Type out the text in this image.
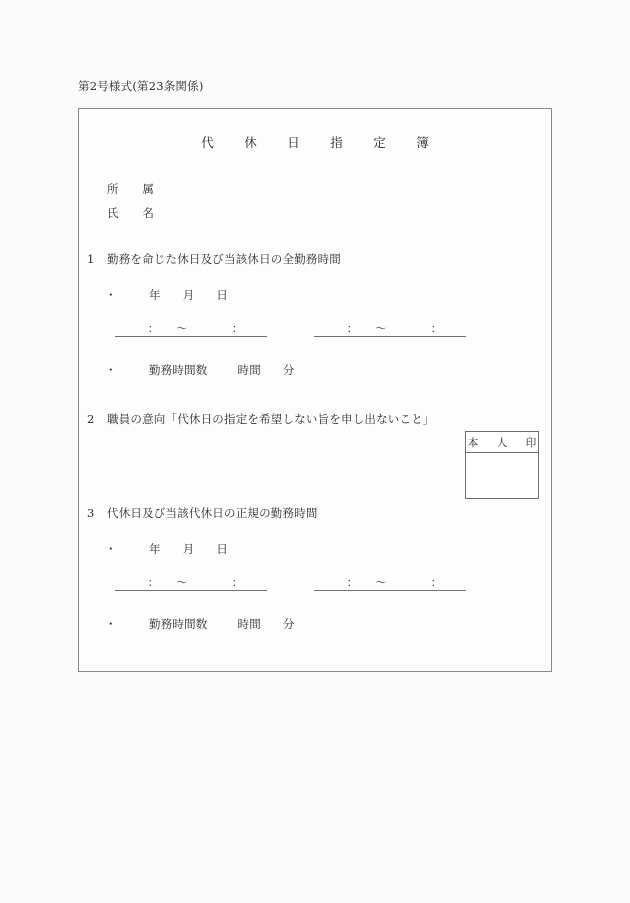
第2号様式(第23条関係)
代　休　日　指　定　簿
所 属
氏 名
1 勤務を命じた休日及び当該休日の全勤務時間
・	年 月 日
： 〜	：	： 〜	：
・	勤務時間数	時間 分
2 職員の意向「代休日の指定を希望しない旨を申し出ないこと」
本　人　印
3 代休日及び当該代休日の正規の勤務時間
・	年 月 日
： 〜	：	： 〜	：
・	勤務時間数	時間 分
